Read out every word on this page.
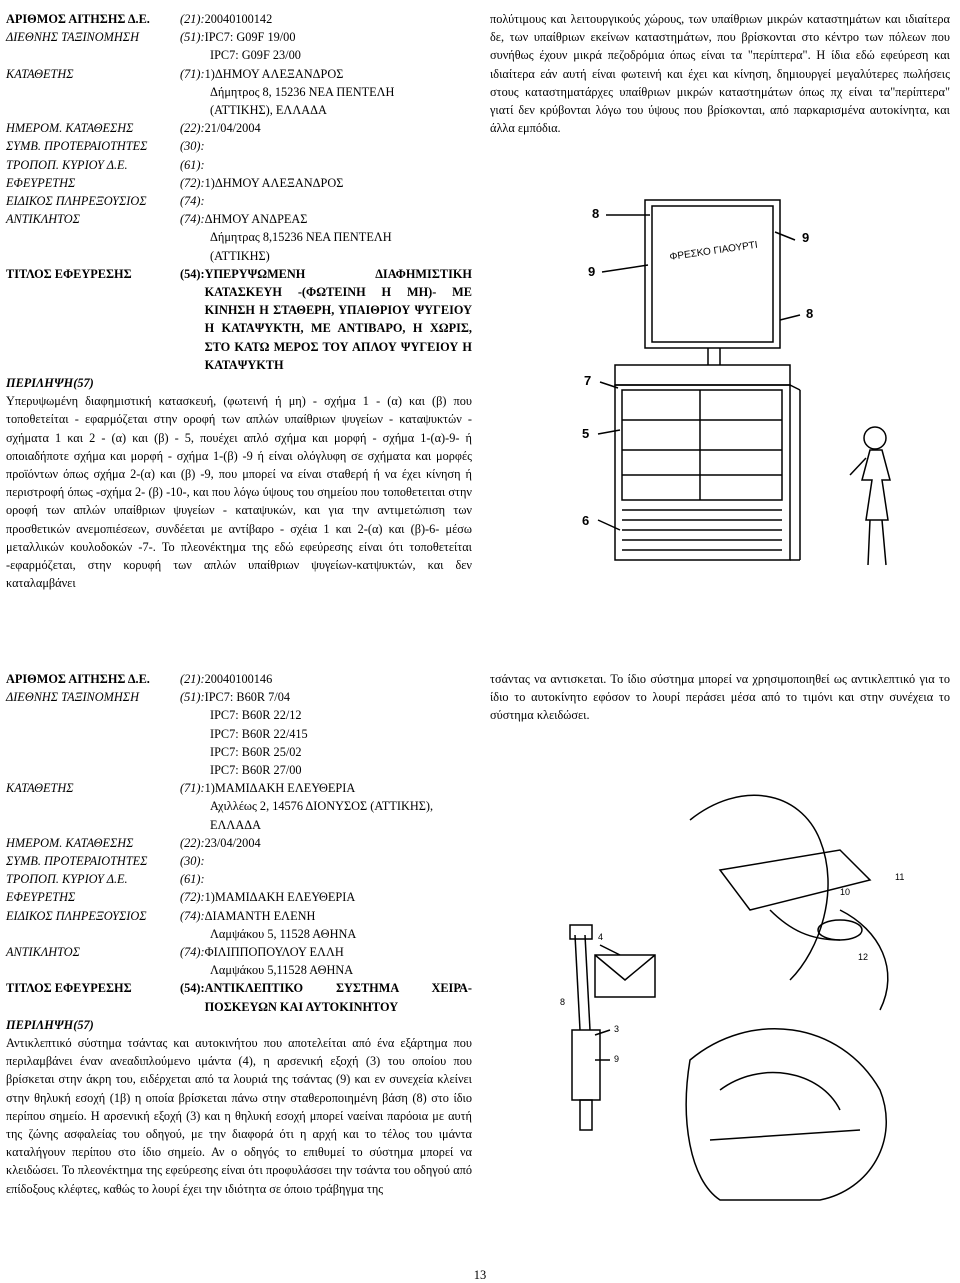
ΑΡΙΘΜΟΣ ΑΙΤΗΣΗΣ Δ.Ε.	(21): 20040100142
ΔΙΕΘΝΗΣ ΤΑΞΙΝΟΜΗΣΗ	(51): IPC7: G09F 19/00
IPC7: G09F 23/00
ΚΑΤΑΘΕΤΗΣ	(71): 1)ΔΗΜΟΥ ΑΛΕΞΑΝΔΡΟΣ
Δήμητρος 8, 15236 ΝΕΑ ΠΕΝΤΕΛΗ
(ΑΤΤΙΚΗΣ), ΕΛΛΑΔΑ
ΗΜΕΡΟΜ. ΚΑΤΑΘΕΣΗΣ	(22): 21/04/2004
ΣΥΜΒ. ΠΡΟΤΕΡΑΙΟΤΗΤΕΣ	(30):
ΤΡΟΠΟΠ. ΚΥΡΙΟΥ Δ.Ε.	(61):
ΕΦΕΥΡΕΤΗΣ	(72): 1)ΔΗΜΟΥ ΑΛΕΞΑΝΔΡΟΣ
ΕΙΔΙΚΟΣ ΠΛΗΡΕΞΟΥΣΙΟΣ	(74):
ΑΝΤΙΚΛΗΤΟΣ	(74): ΔΗΜΟΥ ΑΝΔΡΕΑΣ
Δήμητρας 8,15236 ΝΕΑ ΠΕΝΤΕΛΗ
(ΑΤΤΙΚΗΣ)
ΤΙΤΛΟΣ ΕΦΕΥΡΕΣΗΣ	(54): ΥΠΕΡΥΨΩΜΕΝΗ ΔΙΑΦΗΜΙΣΤΙΚΗ ΚΑΤΑΣΚΕΥΗ -(ΦΩΤΕΙΝΗ Η ΜΗ)- ΜΕ ΚΙΝΗΣΗ Η ΣΤΑΘΕΡΗ, ΥΠΑΙΘΡΙΟΥ ΨΥΓΕΙΟΥ Η ΚΑΤΑΨΥΚΤΗ, ΜΕ ΑΝΤΙΒΑΡΟ, Η ΧΩΡΙΣ, ΣΤΟ ΚΑΤΩ ΜΕΡΟΣ ΤΟΥ ΑΠΛΟΥ ΨΥΓΕΙΟΥ Η ΚΑΤΑΨΥΚΤΗ
ΠΕΡΙΛΗΨΗ(57)
Υπερυψωμένη διαφημιστική κατασκευή, (φωτεινή ή μη) - σχήμα 1 - (α) και (β) που τοποθετείται - εφαρμόζεται στην οροφή των απλών υπαίθριων ψυγείων - καταψυκτών - σχήματα 1 και 2 - (α) και (β) - 5, πουέχει απλό σχήμα και μορφή - σχήμα 1-(α)-9- ή οποιαδήποτε σχήμα και μορφή - σχήμα 1-(β) -9 ή είναι ολόγλυφη σε σχήματα και μορφές προϊόντων όπως σχήμα 2-(α) και (β) -9, που μπορεί να είναι σταθερή ή να έχει κίνηση ή περιστροφή όπως -σχήμα 2- (β) -10-, και που λόγω ύψους του σημείου που τοποθετειται στην οροφή των απλών υπαίθριων ψυγείων - καταψυκών, και για την αντιμετώπιση των προσθετικών ανεμοπιέσεων, συνδέεται με αντίβαρο - σχέια 1 και 2-(α) και (β)-6- μέσω μεταλλικών κουλοδοκών -7-. Το πλεονέκτημα της εδώ εφεύρεσης είναι ότι τοποθετείται -εφαρμόζεται, στην κορυφή των απλών υπαίθριων ψυγείων-κατψυκτών, και δεν καταλαμβάνει
πολύτιμους και λειτουργικούς χώρους, των υπαίθριων μικρών καταστημάτων και ιδιαίτερα δε, των υπαίθριων εκείνων καταστημάτων, που βρίσκονται στο κέντρο των πόλεων που συνήθως έχουν μικρά πεζοδρόμια όπως είναι τα "περίπτερα". Η ίδια εδώ εφεύρεση και ιδιαίτερα εάν αυτή είναι φωτεινή και έχει και κίνηση, δημιουργεί μεγαλύτερες πωλήσεις στους καταστηματάρχες υπαίθριων μικρών καταστημάτων όπως πχ είναι τα"περίπτερα" γιατί δεν κρύβονται λόγω του ύψους που βρίσκονται, από παρκαρισμένα αυτοκίνητα, και άλλα εμπόδια.
ΦΡΕΣΚΟ ΓΙΑΟΥΡΤΙ
8
9
9
8
7
5
6
ΑΡΙΘΜΟΣ ΑΙΤΗΣΗΣ Δ.Ε.	(21): 20040100146
ΔΙΕΘΝΗΣ ΤΑΞΙΝΟΜΗΣΗ	(51): IPC7: B60R 7/04
IPC7: B60R 22/12
IPC7: B60R 22/415
IPC7: B60R 25/02
IPC7: B60R 27/00
ΚΑΤΑΘΕΤΗΣ	(71): 1)ΜΑΜΙΔΑΚΗ ΕΛΕΥΘΕΡΙΑ
Αχιλλέως 2, 14576 ΔΙΟΝΥΣΟΣ (ΑΤΤΙΚΗΣ),
ΕΛΛΑΔΑ
ΗΜΕΡΟΜ. ΚΑΤΑΘΕΣΗΣ	(22): 23/04/2004
ΣΥΜΒ. ΠΡΟΤΕΡΑΙΟΤΗΤΕΣ	(30):
ΤΡΟΠΟΠ. ΚΥΡΙΟΥ Δ.Ε.	(61):
ΕΦΕΥΡΕΤΗΣ	(72): 1)ΜΑΜΙΔΑΚΗ ΕΛΕΥΘΕΡΙΑ
ΕΙΔΙΚΟΣ ΠΛΗΡΕΞΟΥΣΙΟΣ	(74): ΔΙΑΜΑΝΤΗ ΕΛΕΝΗ
Λαμψάκου 5, 11528 ΑΘΗΝΑ
ΑΝΤΙΚΛΗΤΟΣ	(74): ΦΙΛΙΠΠΟΠΟΥΛΟΥ ΕΛΛΗ
Λαμψάκου 5,11528 ΑΘΗΝΑ
ΤΙΤΛΟΣ ΕΦΕΥΡΕΣΗΣ	(54): ΑΝΤΙΚΛΕΠΤΙΚΟ ΣΥΣΤΗΜΑ ΧΕΙΡΑ-ΠΟΣΚΕΥΩΝ ΚΑΙ ΑΥΤΟΚΙΝΗΤΟΥ
ΠΕΡΙΛΗΨΗ(57)
Αντικλεπτικό σύστημα τσάντας και αυτοκινήτου που αποτελείται από ένα εξάρτημα που περιλαμβάνει έναν ανεαδιπλούμενο ιμάντα (4), η αρσενική εξοχή (3) του οποίου που βρίσκεται στην άκρη του, ειδέρχεται από τα λουριά της τσάντας (9) και εν συνεχεία κλείνει στην θηλυκή εσοχή (1β) η οποία βρίσκεται πάνω στην σταθεροποιημένη βάση (8) στο ίδιο περίπου σημείο. Η αρσενική εξοχή (3) και η θηλυκή εσοχή μπορεί ναείναι παρόοια με αυτή της ζώνης ασφαλείας του οδηγού, με την διαφορά ότι η αρχή και το τέλος του ιμάντα καταλήγουν περίπου στο ίδιο σημείο. Αν ο οδηγός το επιθυμεί το σύστημα μπορεί να κλειδώσει. Το πλεονέκτημα της εφεύρεσης είναι ότι προφυλάσσει την τσάντα του οδηγού από επίδοξους κλέφτες, καθώς το λουρί έχει την ιδιότητα σε όποιο τράβηγμα της
τσάντας να αντισκεται. Το ίδιο σύστημα μπορεί να χρησιμοποιηθεί ως αντικλεπτικό για το ίδιο το αυτοκίνητο εφόσον το λουρί περάσει μέσα από το τιμόνι και στην συνέχεια το σύστημα κλειδώσει.
10
11
12
4
3
9
8
13
